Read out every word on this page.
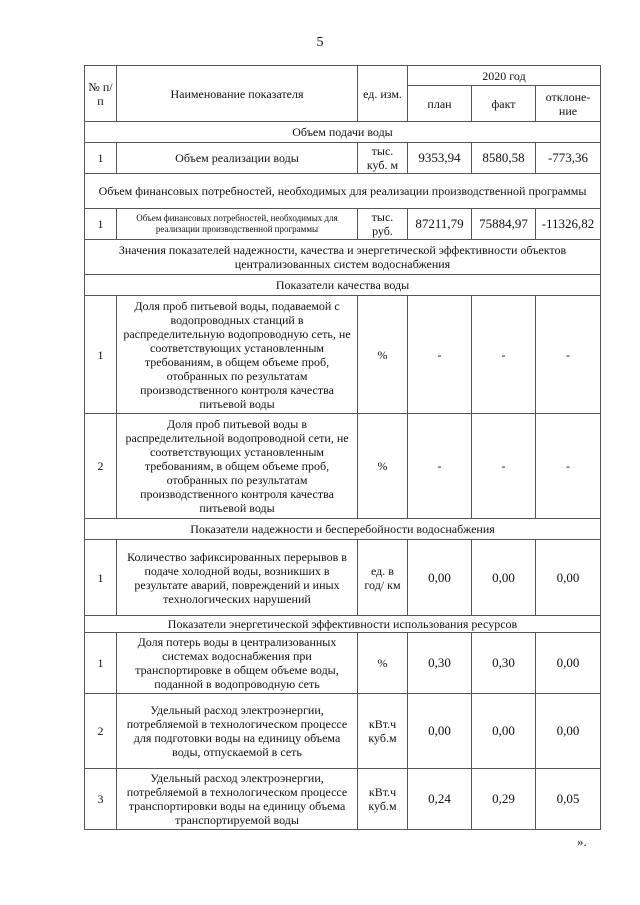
5
№ п/п	Наименование показателя	ед. изм.	2020 год		
			план	факт	отклоне-ние
Объем подачи воды					
1	Объем реализации воды	тыс. куб. м	9353,94	8580,58	-773,36
Объем финансовых потребностей, необходимых для реализации производственной программы					
1	Объем финансовых потребностей, необходимых для реализации производственной программы	тыс. руб.	87211,79	75884,97	-11326,82
Значения показателей надежности, качества и энергетической эффективности объектов централизованных систем водоснабжения					
Показатели качества воды					
1	Доля проб питьевой воды, подаваемой с водопроводных станций в распределительную водопроводную сеть, не соответствующих установленным требованиям, в общем объеме проб, отобранных по результатам производственного контроля качества питьевой воды	%	-	-	-
2	Доля проб питьевой воды в распределительной водопроводной сети, не соответствующих установленным требованиям, в общем объеме проб, отобранных по результатам производственного контроля качества питьевой воды	%	-	-	-
Показатели надежности и бесперебойности водоснабжения					
1	Количество зафиксированных перерывов в подаче холодной воды, возникших в результате аварий, повреждений и иных технологических нарушений	ед. в год/ км	0,00	0,00	0,00
Показатели энергетической эффективности использования ресурсов					
1	Доля потерь воды в централизованных системах водоснабжения при транспортировке в общем объеме воды, поданной в водопроводную сеть	%	0,30	0,30	0,00
2	Удельный расход электроэнергии, потребляемой в технологическом процессе для подготовки воды на единицу объема воды, отпускаемой в сеть	кВт.ч куб.м	0,00	0,00	0,00
3	Удельный расход электроэнергии, потребляемой в технологическом процессе транспортировки воды на единицу объема транспортируемой воды	кВт.ч куб.м	0,24	0,29	0,05
».
